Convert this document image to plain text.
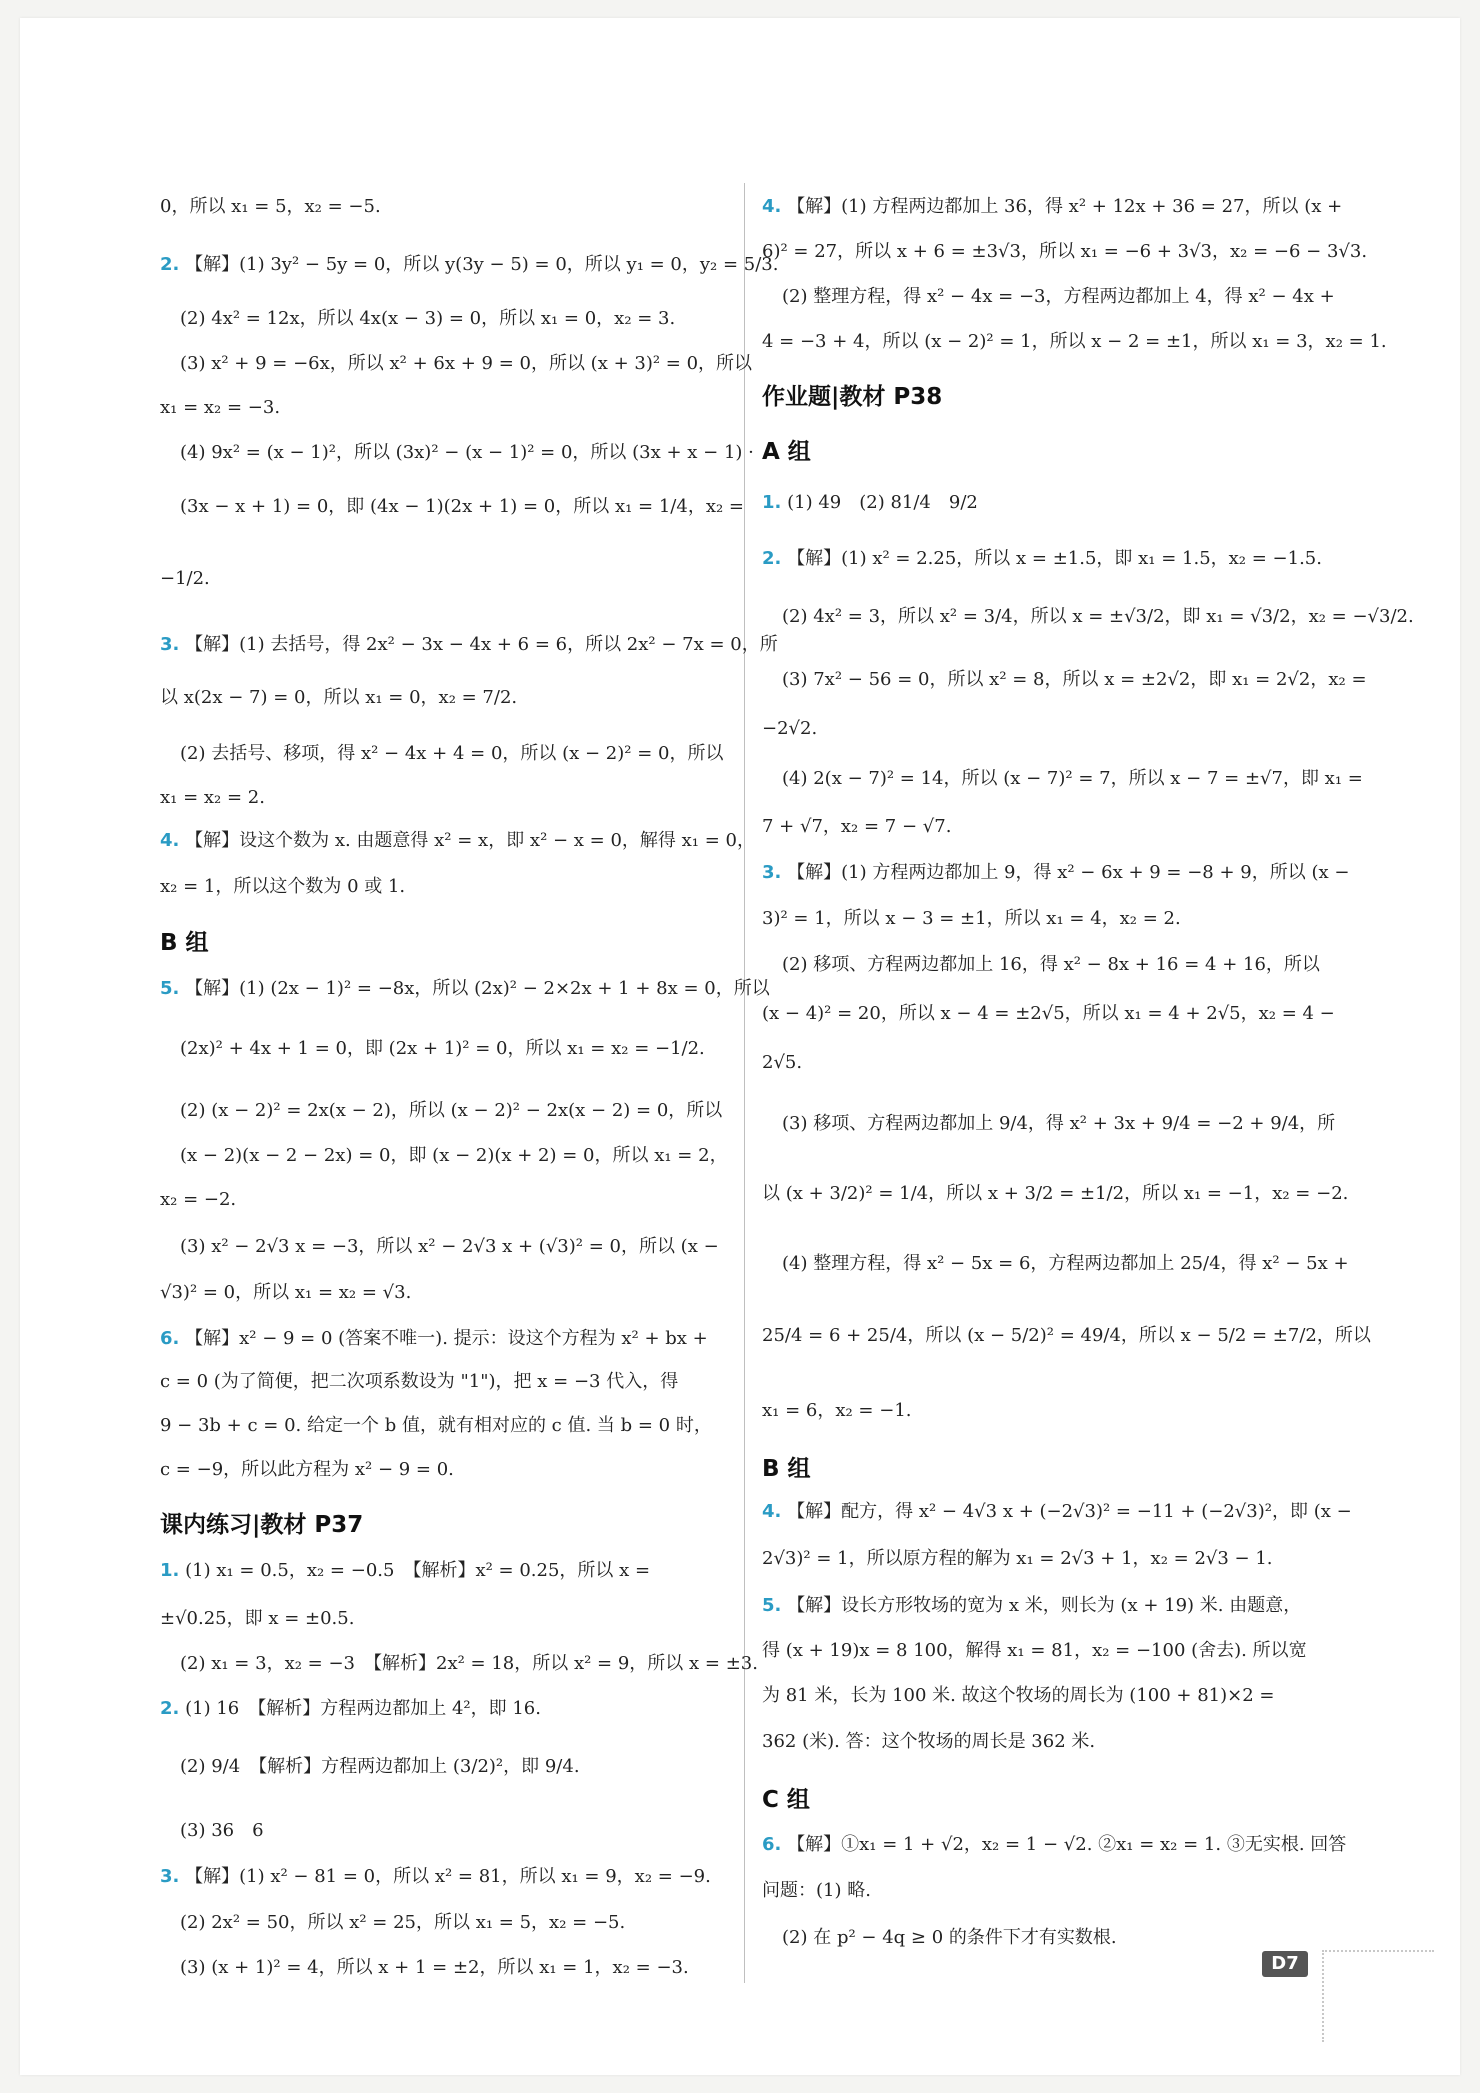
0，所以 x₁ = 5，x₂ = −5.
2. 【解】(1) 3y² − 5y = 0，所以 y(3y − 5) = 0，所以 y₁ = 0，y₂ = 5/3.
(2) 4x² = 12x，所以 4x(x − 3) = 0，所以 x₁ = 0，x₂ = 3.
(3) x² + 9 = −6x，所以 x² + 6x + 9 = 0，所以 (x + 3)² = 0，所以
x₁ = x₂ = −3.
(4) 9x² = (x − 1)²，所以 (3x)² − (x − 1)² = 0，所以 (3x + x − 1) ·
(3x − x + 1) = 0，即 (4x − 1)(2x + 1) = 0，所以 x₁ = 1/4，x₂ =
−1/2.
3. 【解】(1) 去括号，得 2x² − 3x − 4x + 6 = 6，所以 2x² − 7x = 0，所
以 x(2x − 7) = 0，所以 x₁ = 0，x₂ = 7/2.
(2) 去括号、移项，得 x² − 4x + 4 = 0，所以 (x − 2)² = 0，所以
x₁ = x₂ = 2.
4. 【解】设这个数为 x. 由题意得 x² = x，即 x² − x = 0，解得 x₁ = 0，
x₂ = 1，所以这个数为 0 或 1.
B 组
5. 【解】(1) (2x − 1)² = −8x，所以 (2x)² − 2×2x + 1 + 8x = 0，所以
(2x)² + 4x + 1 = 0，即 (2x + 1)² = 0，所以 x₁ = x₂ = −1/2.
(2) (x − 2)² = 2x(x − 2)，所以 (x − 2)² − 2x(x − 2) = 0，所以
(x − 2)(x − 2 − 2x) = 0，即 (x − 2)(x + 2) = 0，所以 x₁ = 2，
x₂ = −2.
(3) x² − 2√3 x = −3，所以 x² − 2√3 x + (√3)² = 0，所以 (x −
√3)² = 0，所以 x₁ = x₂ = √3.
6. 【解】x² − 9 = 0 (答案不唯一). 提示：设这个方程为 x² + bx +
c = 0 (为了简便，把二次项系数设为 "1")，把 x = −3 代入，得
9 − 3b + c = 0. 给定一个 b 值，就有相对应的 c 值. 当 b = 0 时，
c = −9，所以此方程为 x² − 9 = 0.
课内练习|教材 P37
1. (1) x₁ = 0.5，x₂ = −0.5　【解析】x² = 0.25，所以 x =
±√0.25，即 x = ±0.5.
(2) x₁ = 3，x₂ = −3　【解析】2x² = 18，所以 x² = 9，所以 x = ±3.
2. (1) 16　【解析】方程两边都加上 4²，即 16.
(2) 9/4　【解析】方程两边都加上 (3/2)²，即 9/4.
(3) 36　6
3. 【解】(1) x² − 81 = 0，所以 x² = 81，所以 x₁ = 9，x₂ = −9.
(2) 2x² = 50，所以 x² = 25，所以 x₁ = 5，x₂ = −5.
(3) (x + 1)² = 4，所以 x + 1 = ±2，所以 x₁ = 1，x₂ = −3.
4. 【解】(1) 方程两边都加上 36，得 x² + 12x + 36 = 27，所以 (x +
6)² = 27，所以 x + 6 = ±3√3，所以 x₁ = −6 + 3√3，x₂ = −6 − 3√3.
(2) 整理方程，得 x² − 4x = −3，方程两边都加上 4，得 x² − 4x +
4 = −3 + 4，所以 (x − 2)² = 1，所以 x − 2 = ±1，所以 x₁ = 3，x₂ = 1.
作业题|教材 P38
A 组
1. (1) 49　(2) 81/4　9/2
2. 【解】(1) x² = 2.25，所以 x = ±1.5，即 x₁ = 1.5，x₂ = −1.5.
(2) 4x² = 3，所以 x² = 3/4，所以 x = ±√3/2，即 x₁ = √3/2，x₂ = −√3/2.
(3) 7x² − 56 = 0，所以 x² = 8，所以 x = ±2√2，即 x₁ = 2√2，x₂ =
−2√2.
(4) 2(x − 7)² = 14，所以 (x − 7)² = 7，所以 x − 7 = ±√7，即 x₁ =
7 + √7，x₂ = 7 − √7.
3. 【解】(1) 方程两边都加上 9，得 x² − 6x + 9 = −8 + 9，所以 (x −
3)² = 1，所以 x − 3 = ±1，所以 x₁ = 4，x₂ = 2.
(2) 移项、方程两边都加上 16，得 x² − 8x + 16 = 4 + 16，所以
(x − 4)² = 20，所以 x − 4 = ±2√5，所以 x₁ = 4 + 2√5，x₂ = 4 −
2√5.
(3) 移项、方程两边都加上 9/4，得 x² + 3x + 9/4 = −2 + 9/4，所
以 (x + 3/2)² = 1/4，所以 x + 3/2 = ±1/2，所以 x₁ = −1，x₂ = −2.
(4) 整理方程，得 x² − 5x = 6，方程两边都加上 25/4，得 x² − 5x +
25/4 = 6 + 25/4，所以 (x − 5/2)² = 49/4，所以 x − 5/2 = ±7/2，所以
x₁ = 6，x₂ = −1.
B 组
4. 【解】配方，得 x² − 4√3 x + (−2√3)² = −11 + (−2√3)²，即 (x −
2√3)² = 1，所以原方程的解为 x₁ = 2√3 + 1，x₂ = 2√3 − 1.
5. 【解】设长方形牧场的宽为 x 米，则长为 (x + 19) 米. 由题意，
得 (x + 19)x = 8 100，解得 x₁ = 81，x₂ = −100 (舍去). 所以宽
为 81 米，长为 100 米. 故这个牧场的周长为 (100 + 81)×2 =
362 (米). 答：这个牧场的周长是 362 米.
C 组
6. 【解】①x₁ = 1 + √2，x₂ = 1 − √2. ②x₁ = x₂ = 1. ③无实根. 回答
问题：(1) 略.
(2) 在 p² − 4q ≥ 0 的条件下才有实数根.
D7
